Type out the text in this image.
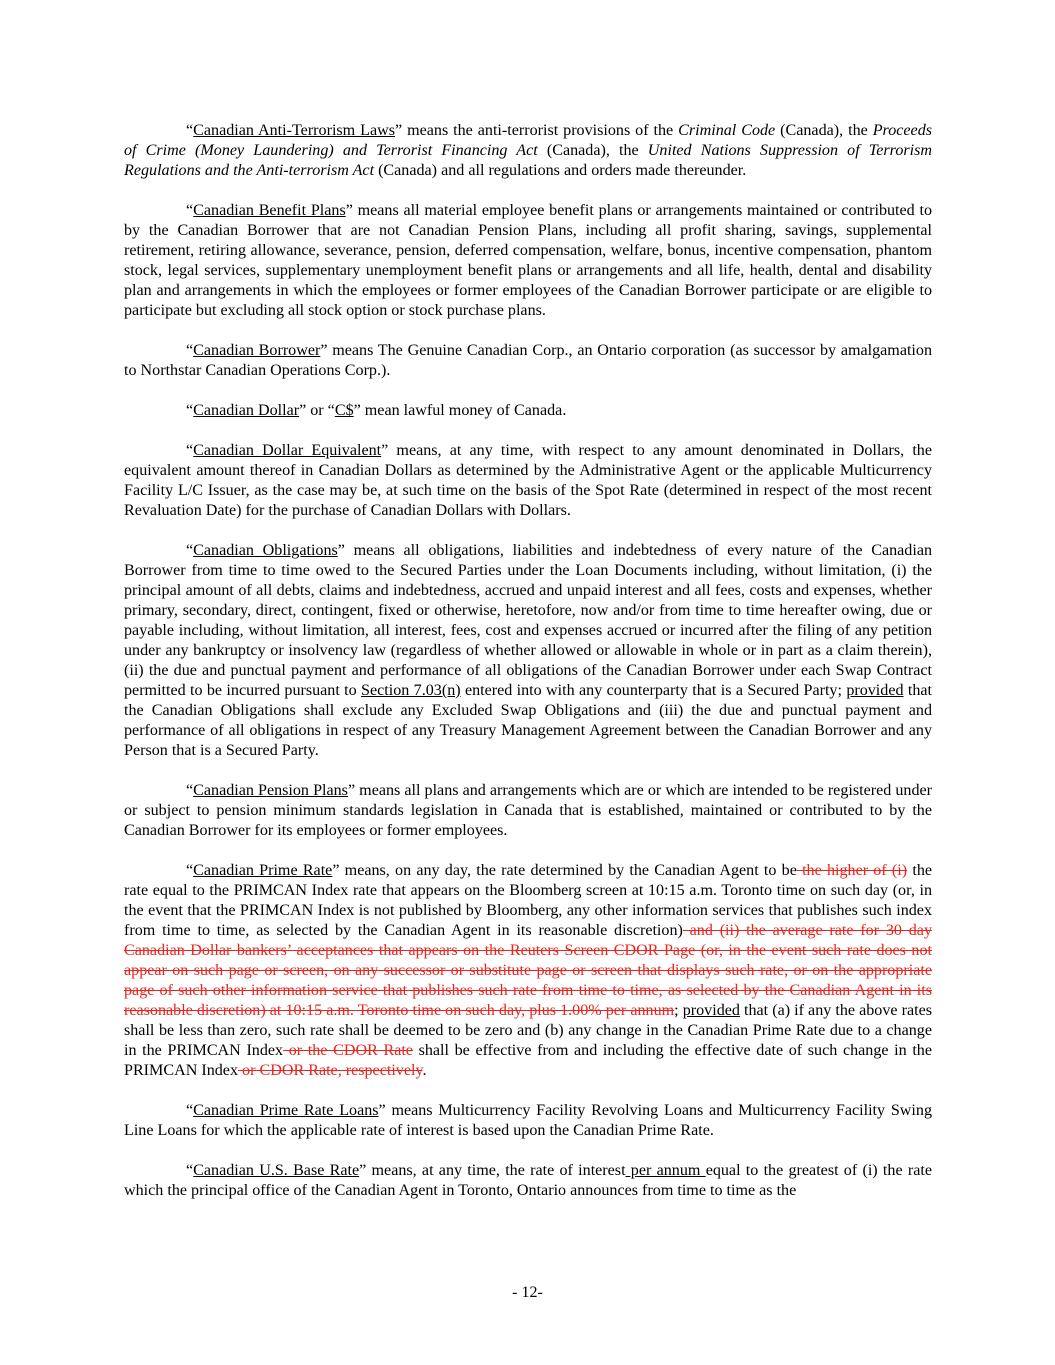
“Canadian Anti-Terrorism Laws” means the anti-terrorist provisions of the Criminal Code (Canada), the Proceeds of Crime (Money Laundering) and Terrorist Financing Act (Canada), the United Nations Suppression of Terrorism Regulations and the Anti-terrorism Act (Canada) and all regulations and orders made thereunder.

“Canadian Benefit Plans” means all material employee benefit plans or arrangements maintained or contributed to by the Canadian Borrower that are not Canadian Pension Plans, including all profit sharing, savings, supplemental retirement, retiring allowance, severance, pension, deferred compensation, welfare, bonus, incentive compensation, phantom stock, legal services, supplementary unemployment benefit plans or arrangements and all life, health, dental and disability plan and arrangements in which the employees or former employees of the Canadian Borrower participate or are eligible to participate but excluding all stock option or stock purchase plans.

“Canadian Borrower” means The Genuine Canadian Corp., an Ontario corporation (as successor by amalgamation to Northstar Canadian Operations Corp.).

“Canadian Dollar” or “C$” mean lawful money of Canada.

“Canadian Dollar Equivalent” means, at any time, with respect to any amount denominated in Dollars, the equivalent amount thereof in Canadian Dollars as determined by the Administrative Agent or the applicable Multicurrency Facility L/C Issuer, as the case may be, at such time on the basis of the Spot Rate (determined in respect of the most recent Revaluation Date) for the purchase of Canadian Dollars with Dollars.

“Canadian Obligations” means all obligations, liabilities and indebtedness of every nature of the Canadian Borrower from time to time owed to the Secured Parties under the Loan Documents including, without limitation, (i) the principal amount of all debts, claims and indebtedness, accrued and unpaid interest and all fees, costs and expenses, whether primary, secondary, direct, contingent, fixed or otherwise, heretofore, now and/or from time to time hereafter owing, due or payable including, without limitation, all interest, fees, cost and expenses accrued or incurred after the filing of any petition under any bankruptcy or insolvency law (regardless of whether allowed or allowable in whole or in part as a claim therein), (ii) the due and punctual payment and performance of all obligations of the Canadian Borrower under each Swap Contract permitted to be incurred pursuant to Section 7.03(n) entered into with any counterparty that is a Secured Party; provided that the Canadian Obligations shall exclude any Excluded Swap Obligations and (iii) the due and punctual payment and performance of all obligations in respect of any Treasury Management Agreement between the Canadian Borrower and any Person that is a Secured Party.

“Canadian Pension Plans” means all plans and arrangements which are or which are intended to be registered under or subject to pension minimum standards legislation in Canada that is established, maintained or contributed to by the Canadian Borrower for its employees or former employees.

“Canadian Prime Rate” means, on any day, the rate determined by the Canadian Agent to be the higher of (i) the rate equal to the PRIMCAN Index rate that appears on the Bloomberg screen at 10:15 a.m. Toronto time on such day (or, in the event that the PRIMCAN Index is not published by Bloomberg, any other information services that publishes such index from time to time, as selected by the Canadian Agent in its reasonable discretion) and (ii) the average rate for 30 day Canadian Dollar bankers’ acceptances that appears on the Reuters Screen CDOR Page (or, in the event such rate does not appear on such page or screen, on any successor or substitute page or screen that displays such rate, or on the appropriate page of such other information service that publishes such rate from time to time, as selected by the Canadian Agent in its reasonable discretion) at 10:15 a.m. Toronto time on such day, plus 1.00% per annum; provided that (a) if any the above rates shall be less than zero, such rate shall be deemed to be zero and (b) any change in the Canadian Prime Rate due to a change in the PRIMCAN Index or the CDOR Rate shall be effective from and including the effective date of such change in the PRIMCAN Index or CDOR Rate, respectively.

“Canadian Prime Rate Loans” means Multicurrency Facility Revolving Loans and Multicurrency Facility Swing Line Loans for which the applicable rate of interest is based upon the Canadian Prime Rate.

“Canadian U.S. Base Rate” means, at any time, the rate of interest per annum equal to the greatest of (i) the rate which the principal office of the Canadian Agent in Toronto, Ontario announces from time to time as the

- 12-
